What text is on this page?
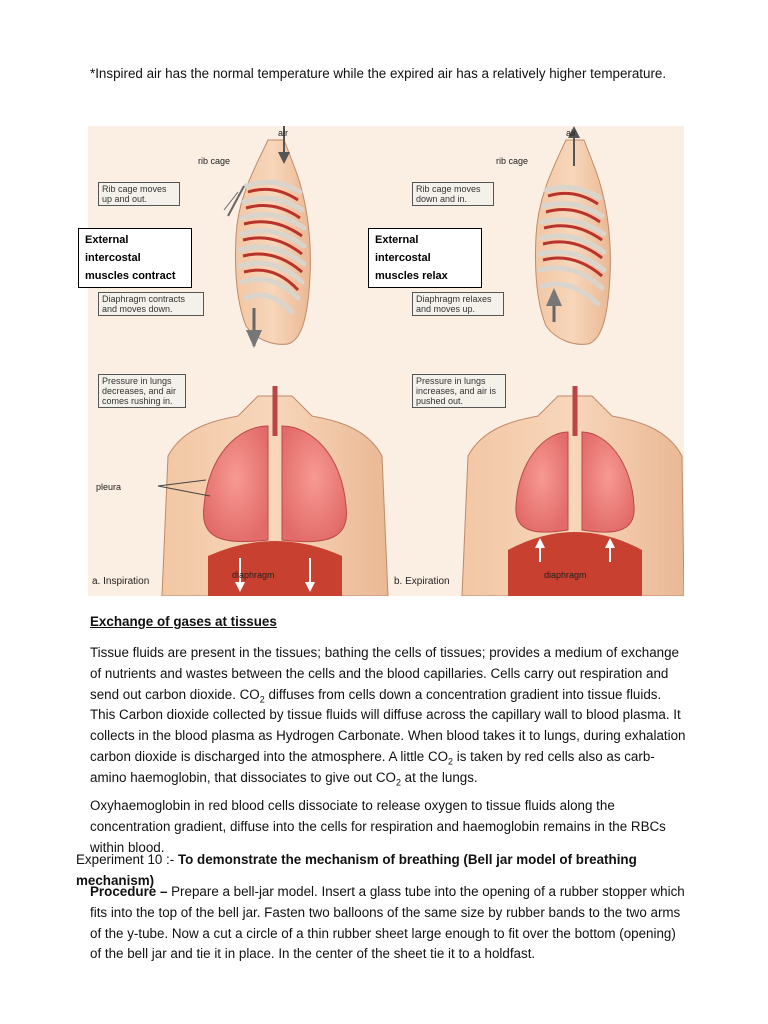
*Inspired air has the normal temperature while the expired air has a relatively higher temperature.

air
rib cage
Rib cage moves up and out.
External intercostal
muscles contract
Diaphragm contracts and moves down.
Pressure in lungs decreases, and air comes rushing in.
pleura
diaphragm
a. Inspiration
air
rib cage
Rib cage moves down and in.
External intercostal
muscles relax
Diaphragm relaxes and moves up.
Pressure in lungs increases, and air is pushed out.
diaphragm
b. Expiration

Exchange of gases at tissues

Tissue fluids are present in the tissues; bathing the cells of tissues; provides a medium of exchange of nutrients and wastes between the cells and the blood capillaries. Cells carry out respiration and send out carbon dioxide. $CO_2$ diffuses from cells down a concentration gradient into tissue fluids. This Carbon dioxide collected by tissue fluids will diffuse across the capillary wall to blood plasma. It collects in the blood plasma as Hydrogen Carbonate. When blood takes it to lungs, during exhalation carbon dioxide is discharged into the atmosphere. A little $CO_2$ is taken by red cells also as carb-amino haemoglobin, that dissociates to give out $CO_2$ at the lungs.

Oxyhaemoglobin in red blood cells dissociate to release oxygen to tissue fluids along the concentration gradient, diffuse into the cells for respiration and haemoglobin remains in the RBCs within blood.

Experiment 10 :- To demonstrate the mechanism of breathing (Bell jar model of breathing mechanism)

Procedure – Prepare a bell-jar model. Insert a glass tube into the opening of a rubber stopper which fits into the top of the bell jar. Fasten two balloons of the same size by rubber bands to the two arms of the y-tube. Now a cut a circle of a thin rubber sheet large enough to fit over the bottom (opening) of the bell jar and tie it in place. In the center of the sheet tie it to a holdfast.
